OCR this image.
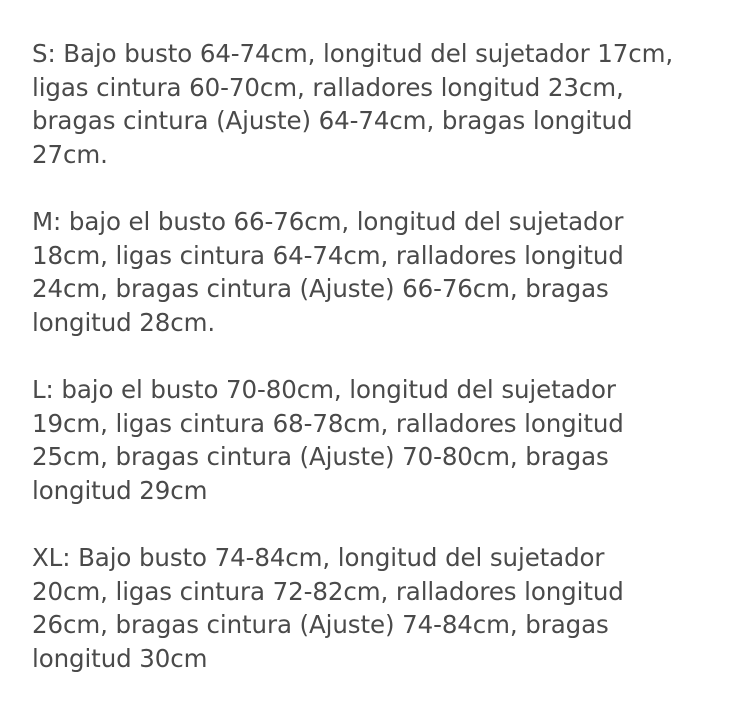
S: Bajo busto 64-74cm, longitud del sujetador 17cm,
ligas cintura 60-70cm, ralladores longitud 23cm,
bragas cintura (Ajuste) 64-74cm, bragas longitud
27cm.

M: bajo el busto 66-76cm, longitud del sujetador
18cm, ligas cintura 64-74cm, ralladores longitud
24cm, bragas cintura (Ajuste) 66-76cm, bragas
longitud 28cm.

L: bajo el busto 70-80cm, longitud del sujetador
19cm, ligas cintura 68-78cm, ralladores longitud
25cm, bragas cintura (Ajuste) 70-80cm, bragas
longitud 29cm

XL: Bajo busto 74-84cm, longitud del sujetador
20cm, ligas cintura 72-82cm, ralladores longitud
26cm, bragas cintura (Ajuste) 74-84cm, bragas
longitud 30cm
